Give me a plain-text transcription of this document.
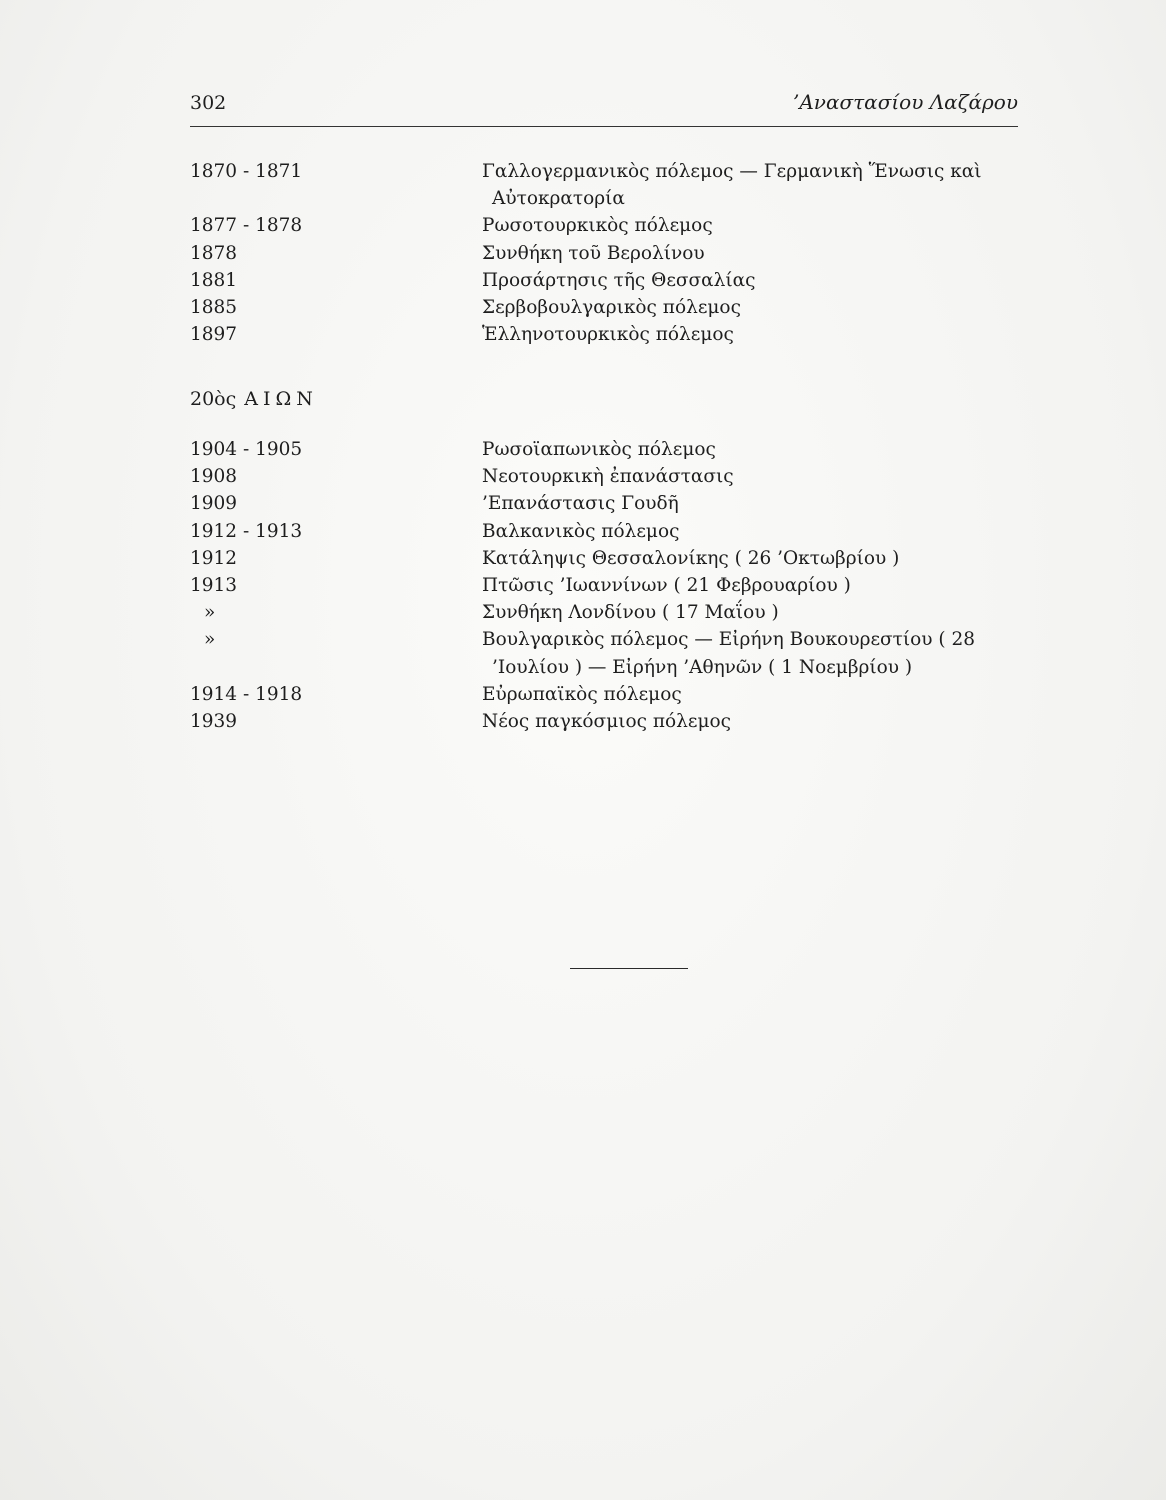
302	’Αναστασίου Λαζάρου
1870 - 1871	Γαλλογερμανικὸς πόλεμος — Γερμανικὴ Ἕνωσις καὶ
Αὐτοκρατορία
1877 - 1878	Ρωσοτουρκικὸς πόλεμος
1878	Συνθήκη τοῦ Βερολίνου
1881	Προσάρτησις τῆς Θεσσαλίας
1885	Σερβοβουλγαρικὸς πόλεμος
1897	Ἑλληνοτουρκικὸς πόλεμος
20ὸς ΑΙΩΝ
1904 - 1905	Ρωσοϊαπωνικὸς πόλεμος
1908	Νεοτουρκικὴ ἐπανάστασις
1909	’Επανάστασις Γουδῆ
1912 - 1913	Βαλκανικὸς πόλεμος
1912	Κατάληψις Θεσσαλονίκης ( 26 ’Οκτωβρίου )
1913	Πτῶσις ’Ιωαννίνων ( 21 Φεβρουαρίου )
»	Συνθήκη Λονδίνου ( 17 Μαΐου )
»	Βουλγαρικὸς πόλεμος — Εἰρήνη Βουκουρεστίου ( 28
’Ιουλίου ) — Εἰρήνη ’Αθηνῶν ( 1 Νοεμβρίου )
1914 - 1918	Εὐρωπαϊκὸς πόλεμος
1939	Νέος παγκόσμιος πόλεμος
